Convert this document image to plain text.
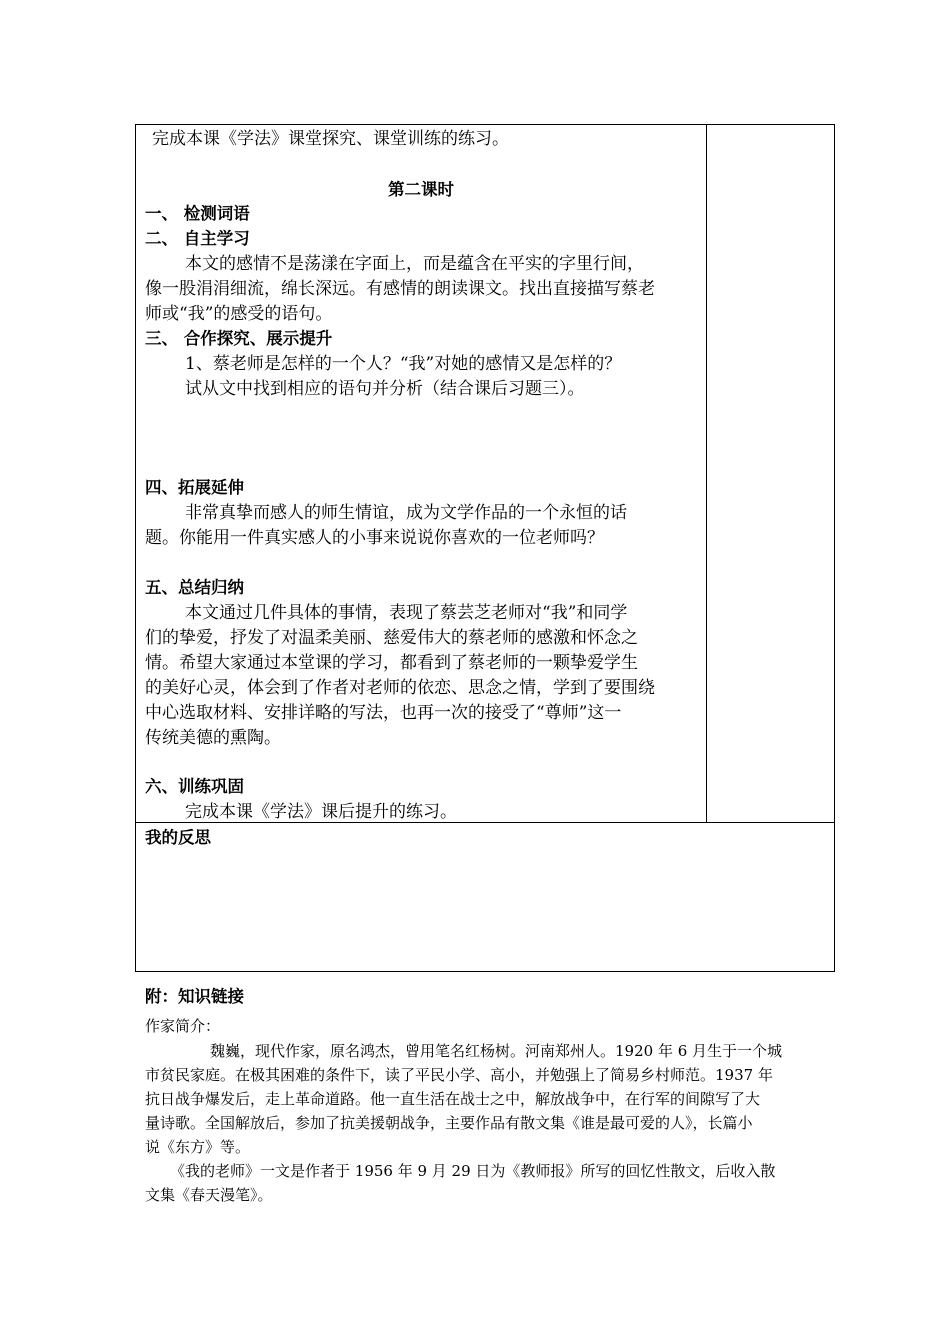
完成本课《学法》课堂探究、课堂训练的练习。
第二课时
一、 检测词语
二、 自主学习
本文的感情不是荡漾在字面上，而是蕴含在平实的字里行间，
像一股涓涓细流，绵长深远。有感情的朗读课文。找出直接描写蔡老
师或“我”的感受的语句。
三、 合作探究、展示提升
1、蔡老师是怎样的一个人？“我”对她的感情又是怎样的？
试从文中找到相应的语句并分析（结合课后习题三）。
四、拓展延伸
非常真挚而感人的师生情谊，成为文学作品的一个永恒的话
题。你能用一件真实感人的小事来说说你喜欢的一位老师吗？
五、总结归纳
本文通过几件具体的事情，表现了蔡芸芝老师对“我”和同学
们的挚爱，抒发了对温柔美丽、慈爱伟大的蔡老师的感激和怀念之
情。希望大家通过本堂课的学习，都看到了蔡老师的一颗挚爱学生
的美好心灵，体会到了作者对老师的依恋、思念之情，学到了要围绕
中心选取材料、安排详略的写法，也再一次的接受了“尊师”这一
传统美德的熏陶。
六、训练巩固
完成本课《学法》课后提升的练习。
我的反思
附：知识链接
作家简介：
魏巍，现代作家，原名鸿杰，曾用笔名红杨树。河南郑州人。1920 年 6 月生于一个城
市贫民家庭。在极其困难的条件下，读了平民小学、高小，并勉强上了简易乡村师范。1937 年
抗日战争爆发后，走上革命道路。他一直生活在战士之中，解放战争中，在行军的间隙写了大
量诗歌。全国解放后，参加了抗美援朝战争，主要作品有散文集《谁是最可爱的人》，长篇小
说《东方》等。
《我的老师》一文是作者于 1956 年 9 月 29 日为《教师报》所写的回忆性散文，后收入散
文集《春天漫笔》。
